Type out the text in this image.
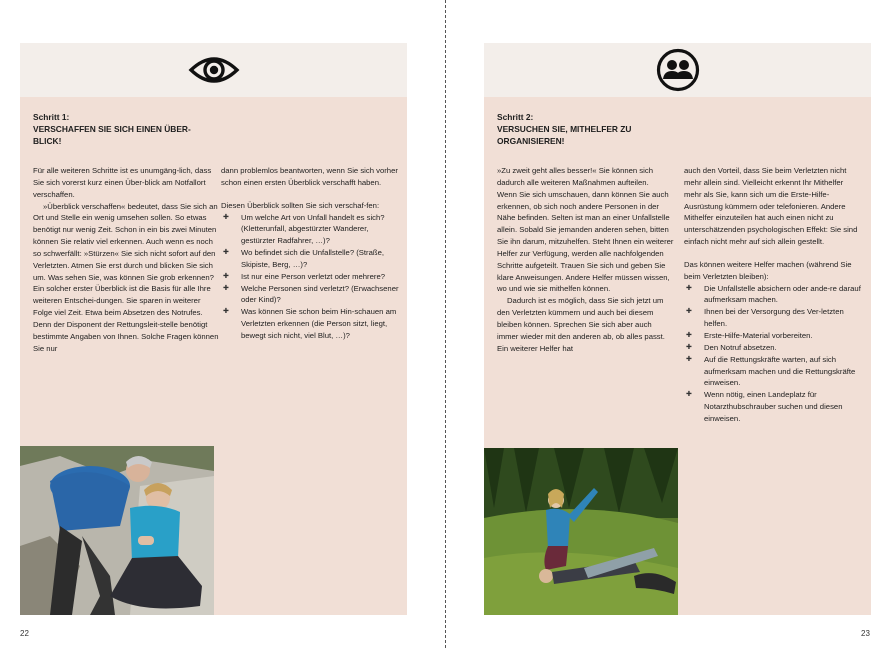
Schritt 1:
VERSCHAFFEN SIE SICH EINEN ÜBER-
BLICK!

Für alle weiteren Schritte ist es unumgäng-lich, dass Sie sich vorerst kurz einen Über-blick am Notfallort verschaffen.

»Überblick verschaffen« bedeutet, dass Sie sich an Ort und Stelle ein wenig umsehen sollen. So etwas benötigt nur wenig Zeit. Schon in ein bis zwei Minuten können Sie relativ viel erkennen. Auch wenn es noch so schwerfällt: »Stürzen« Sie sich nicht sofort auf den Verletzten. Atmen Sie erst durch und blicken Sie sich um. Was sehen Sie, was können Sie grob erkennen? Ein solcher erster Überblick ist die Basis für alle Ihre weiteren Entschei-dungen. Sie sparen in weiterer Folge viel Zeit. Etwa beim Absetzen des Notrufes. Denn der Disponent der Rettungsleit-stelle benötigt bestimmte Angaben von Ihnen. Solche Fragen können Sie nur

dann problemlos beantworten, wenn Sie sich vorher schon einen ersten Überblick verschafft haben.

Diesen Überblick sollten Sie sich verschaf-fen:

✚ Um welche Art von Unfall handelt es sich? (Kletterunfall, abgestürzter Wanderer, gestürzter Radfahrer, …)?
✚ Wo befindet sich die Unfallstelle? (Straße, Skipiste, Berg, …)?
✚ Ist nur eine Person verletzt oder mehrere?
✚ Welche Personen sind verletzt? (Erwachsener oder Kind)?
✚ Was können Sie schon beim Hin-schauen am Verletzten erkennen (die Person sitzt, liegt, bewegt sich nicht, viel Blut, …)?
Schritt 2:
VERSUCHEN SIE, MITHELFER ZU
ORGANISIEREN!

»Zu zweit geht alles besser!« Sie können sich dadurch alle weiteren Maßnahmen aufteilen.

Wenn Sie sich umschauen, dann können Sie auch erkennen, ob sich noch andere Personen in der Nähe befinden. Selten ist man an einer Unfallstelle allein. Sobald Sie jemanden anderen sehen, bitten Sie ihn darum, mitzuhelfen. Steht Ihnen ein weiterer Helfer zur Verfügung, werden alle nachfolgenden Schritte aufgeteilt. Trauen Sie sich und geben Sie klare Anweisungen. Andere Helfer müssen wissen, wo und wie sie mithelfen können.

Dadurch ist es möglich, dass Sie sich jetzt um den Verletzten kümmern und auch bei diesem bleiben können. Sprechen Sie sich aber auch immer wieder mit den anderen ab, ob alles passt. Ein weiterer Helfer hat

auch den Vorteil, dass Sie beim Verletzten nicht mehr allein sind. Vielleicht erkennt Ihr Mithelfer mehr als Sie, kann sich um die Erste-Hilfe-Ausrüstung kümmern oder telefonieren. Andere Mithelfer einzuteilen hat auch einen nicht zu unterschätzenden psychologischen Effekt: Sie sind einfach nicht mehr auf sich allein gestellt.

Das können weitere Helfer machen (während Sie beim Verletzten bleiben):

✚ Die Unfallstelle absichern oder ande-re darauf aufmerksam machen.
✚ Ihnen bei der Versorgung des Ver-letzten helfen.
✚ Erste-Hilfe-Material vorbereiten.
✚ Den Notruf absetzen.
✚ Auf die Rettungskräfte warten, auf sich aufmerksam machen und die Rettungskräfte einweisen.
✚ Wenn nötig, einen Landeplatz für Notarzthubschrauber suchen und diesen einweisen.
22	23
